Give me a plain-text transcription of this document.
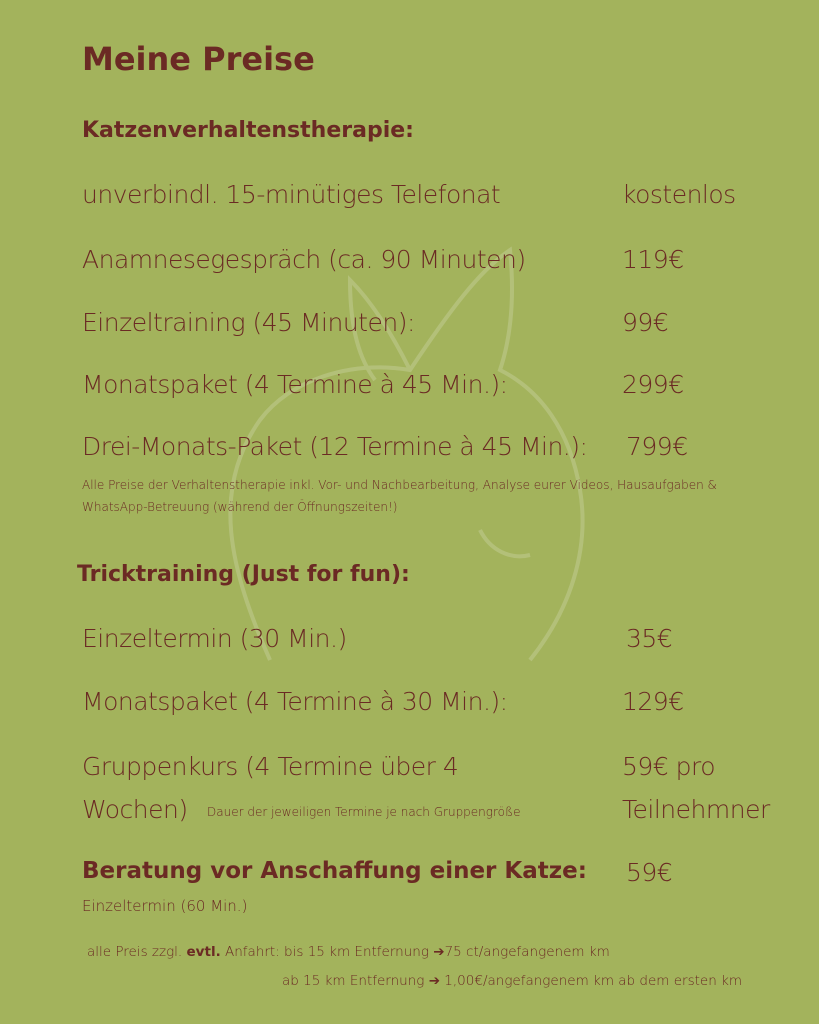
Meine Preise
Katzenverhaltenstherapie:
unverbindl. 15-minütiges Telefonat	kostenlos
Anamnesegespräch (ca. 90 Minuten)	119€
Einzeltraining (45 Minuten):	99€
Monatspaket (4 Termine à 45 Min.):	299€
Drei-Monats-Paket (12 Termine à 45 Min.): 799€
Alle Preise der Verhaltenstherapie inkl. Vor- und Nachbearbeitung, Analyse eurer Videos, Hausaufgaben & WhatsApp-Betreuung (während der Öffnungszeiten!)
Tricktraining (Just for fun):
Einzeltermin (30 Min.)	35€
Monatspaket (4 Termine à 30 Min.):	129€
Gruppenkurs (4 Termine über 4	59€ pro
Wochen) Dauer der jeweiligen Termine je nach Gruppengröße	Teilnehmner
Beratung vor Anschaffung einer Katze: 59€
Einzeltermin (60 Min.)
alle Preis zzgl. evtl. Anfahrt: bis 15 km Entfernung ➔75 ct/angefangenem km
ab 15 km Entfernung ➔ 1,00€/angefangenem km ab dem ersten km
